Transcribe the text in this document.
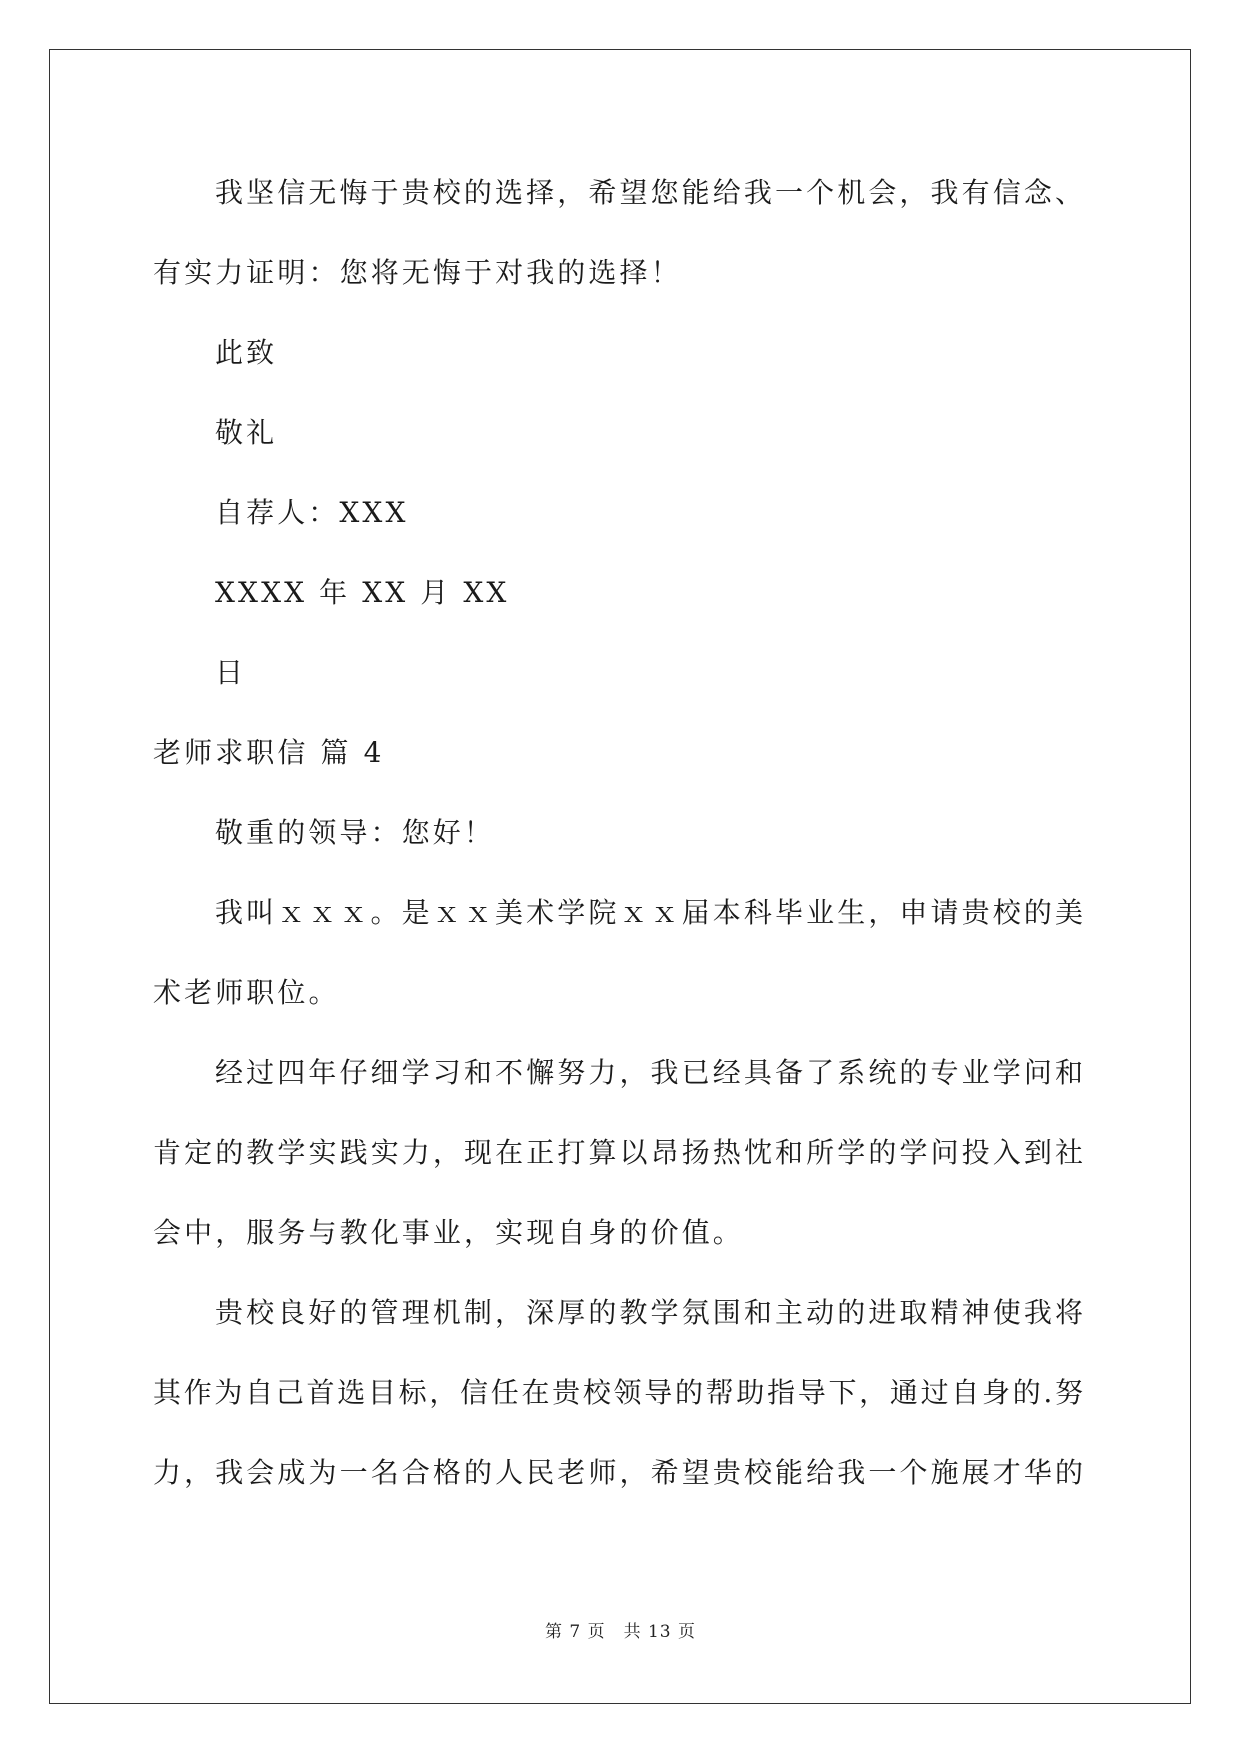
我坚信无悔于贵校的选择，希望您能给我一个机会，我有信念、
有实力证明：您将无悔于对我的选择！
此致
敬礼
自荐人：XXX
XXXX 年 XX 月 XX
日
老师求职信 篇 4
敬重的领导：您好！
我叫ｘｘｘ。是ｘｘ美术学院ｘｘ届本科毕业生，申请贵校的美
术老师职位。
经过四年仔细学习和不懈努力，我已经具备了系统的专业学问和
肯定的教学实践实力，现在正打算以昂扬热忱和所学的学问投入到社
会中，服务与教化事业，实现自身的价值。
贵校良好的管理机制，深厚的教学氛围和主动的进取精神使我将
其作为自己首选目标，信任在贵校领导的帮助指导下，通过自身的.努
力，我会成为一名合格的人民老师，希望贵校能给我一个施展才华的
第 7 页　共 13 页
